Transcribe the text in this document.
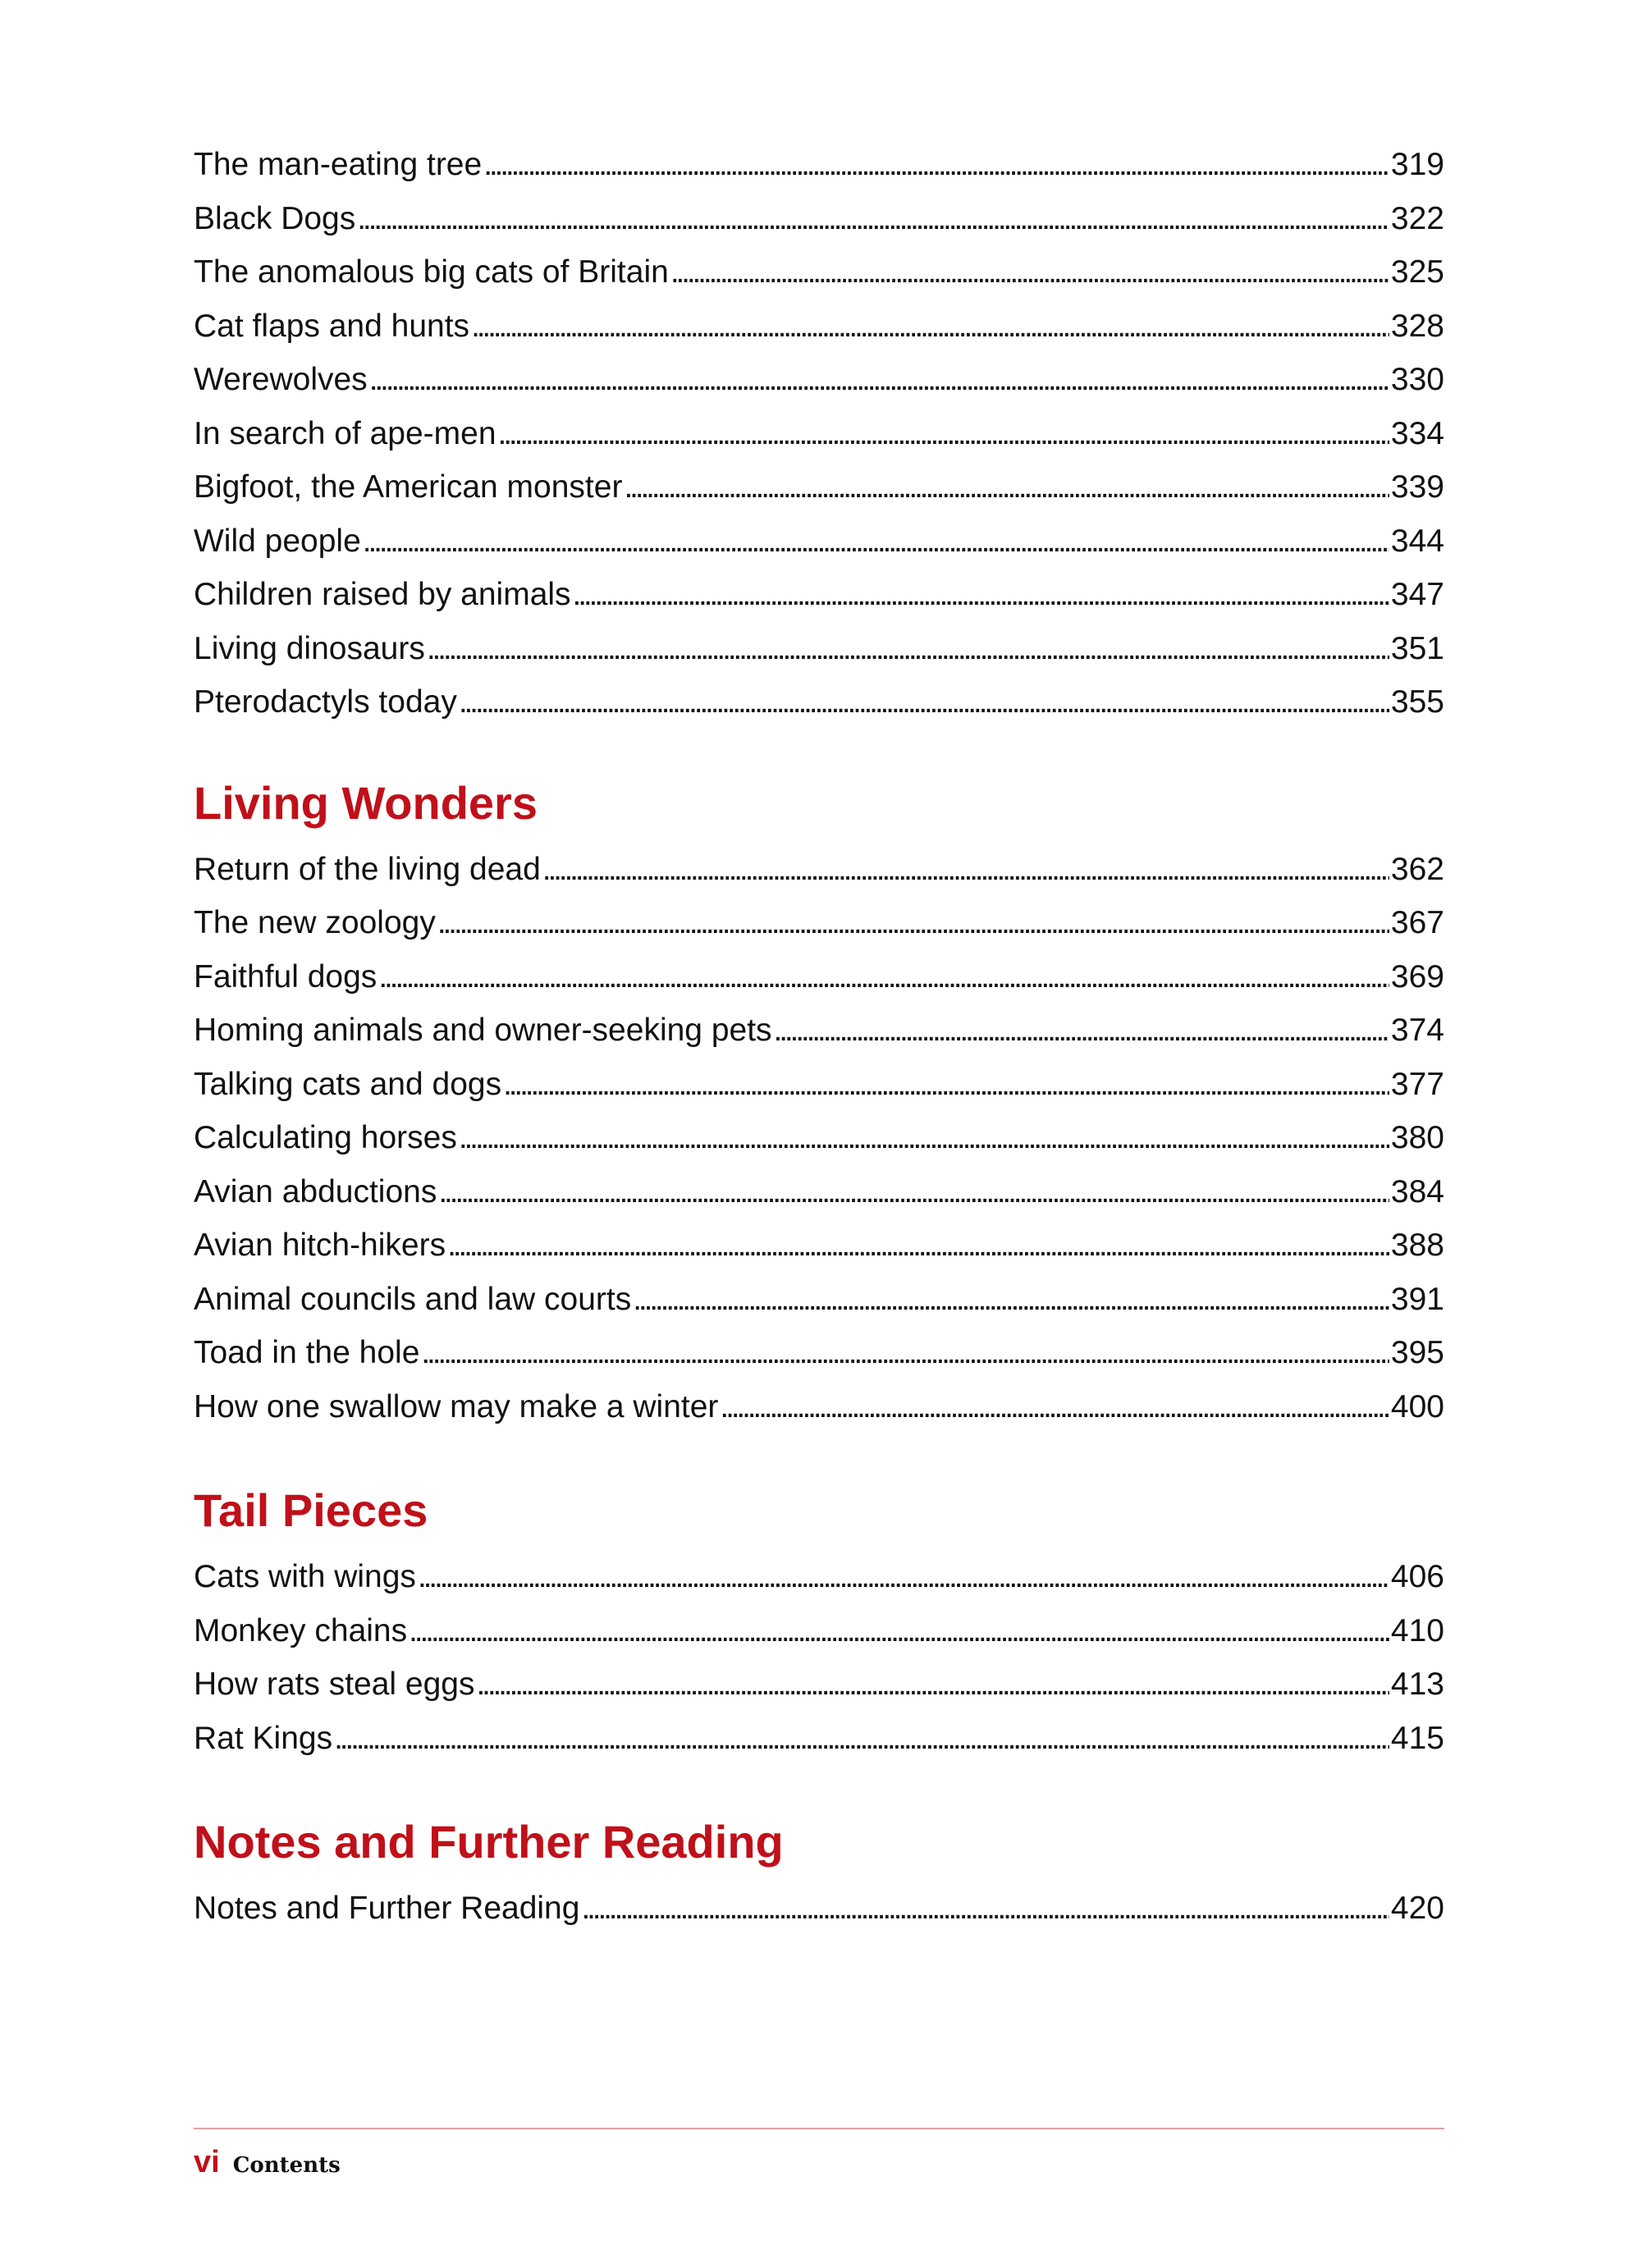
The man-eating tree . . .	319
Black Dogs . . .	322
The anomalous big cats of Britain . . .	325
Cat flaps and hunts . . .	328
Werewolves . . .	330
In search of ape-men . . .	334
Bigfoot, the American monster . . .	339
Wild people . . .	344
Children raised by animals . . .	347
Living dinosaurs . . .	351
Pterodactyls today . . .	355
Living Wonders
Return of the living dead . . .	362
The new zoology . . .	367
Faithful dogs . . .	369
Homing animals and owner-seeking pets . . .	374
Talking cats and dogs . . .	377
Calculating horses . . .	380
Avian abductions . . .	384
Avian hitch-hikers . . .	388
Animal councils and law courts . . .	391
Toad in the hole . . .	395
How one swallow may make a winter . . .	400
Tail Pieces
Cats with wings . . .	406
Monkey chains . . .	410
How rats steal eggs . . .	413
Rat Kings . . .	415
Notes and Further Reading
Notes and Further Reading . . .	420
vi Contents
